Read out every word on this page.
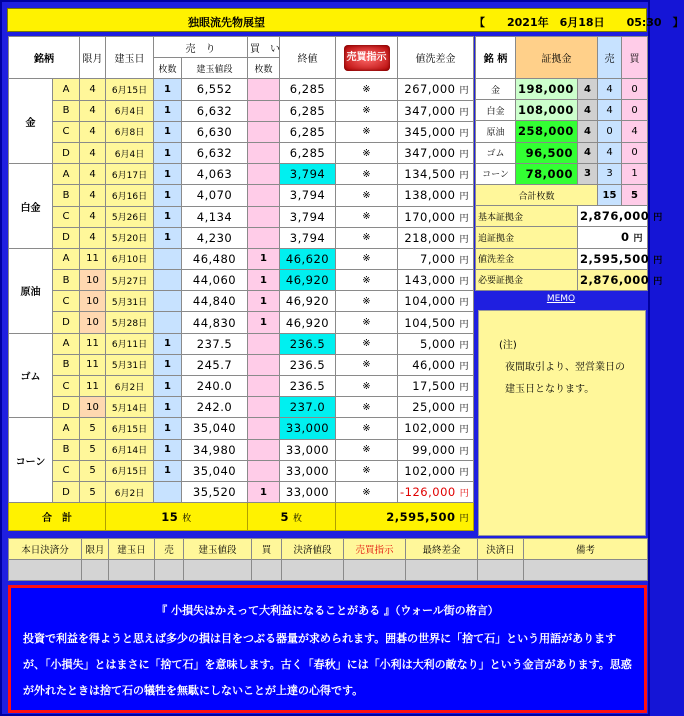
独眼流先物展望	【　　2021年　6月18日　　05:30　】
銘柄		限月	建玉日	売　り		買　い	終値	売買指示	値洗差金
				枚数	建玉値段	枚数			
金	A	4	6月15日	1	6,552		6,285	※	267,000 円
	B	4	6月4日	1	6,632		6,285	※	347,000 円
	C	4	6月8日	1	6,630		6,285	※	345,000 円
	D	4	6月4日	1	6,632		6,285	※	347,000 円
白金	A	4	6月17日	1	4,063		3,794	※	134,500 円
	B	4	6月16日	1	4,070		3,794	※	138,000 円
	C	4	5月26日	1	4,134		3,794	※	170,000 円
	D	4	5月20日	1	4,230		3,794	※	218,000 円
原油	A	11	6月10日		46,480	1	46,620	※	7,000 円
	B	10	5月27日		44,060	1	46,920	※	143,000 円
	C	10	5月31日		44,840	1	46,920	※	104,000 円
	D	10	5月28日		44,830	1	46,920	※	104,500 円
ゴム	A	11	6月11日	1	237.5		236.5	※	5,000 円
	B	11	5月31日	1	245.7		236.5	※	46,000 円
	C	11	6月2日	1	240.0		236.5	※	17,500 円
	D	10	5月14日	1	242.0		237.0	※	25,000 円
コーン	A	5	6月15日	1	35,040		33,000	※	102,000 円
	B	5	6月14日	1	34,980		33,000	※	99,000 円
	C	5	6月15日	1	35,040		33,000	※	102,000 円
	D	5	6月2日		35,520	1	33,000	※	-126,000 円
合　計			15 枚			5 枚		2,595,500 円	
銘 柄	証拠金		売	買
金	198,000	4	4	0
白金	108,000	4	4	0
原油	258,000	4	0	4
ゴム	96,500	4	4	0
コーン	78,000	3	3	1
合計枚数			15	5
基本証拠金		2,876,000 円		
追証拠金		0 円		
値洗差金		2,595,500 円		
必要証拠金		2,876,000 円		
MEMO
(注)
夜間取引より、翌営業日の
建玉日となります。
本日決済分	限月	建玉日	売	建玉値段	買	決済値段	売買指示	最終差金	決済日	備考

『 小損失はかえって大利益になることがある 』（ウォール街の格言）

投資で利益を得ようと思えば多少の損は目をつぶる器量が求められます。囲碁の世界に「捨て石」という用語がありますが、「小損失」とはまさに「捨て石」を意味します。古く「春秋」には「小利は大利の敵なり」という金言があります。思惑が外れたときは捨て石の犠牲を無駄にしないことが上達の心得です。
